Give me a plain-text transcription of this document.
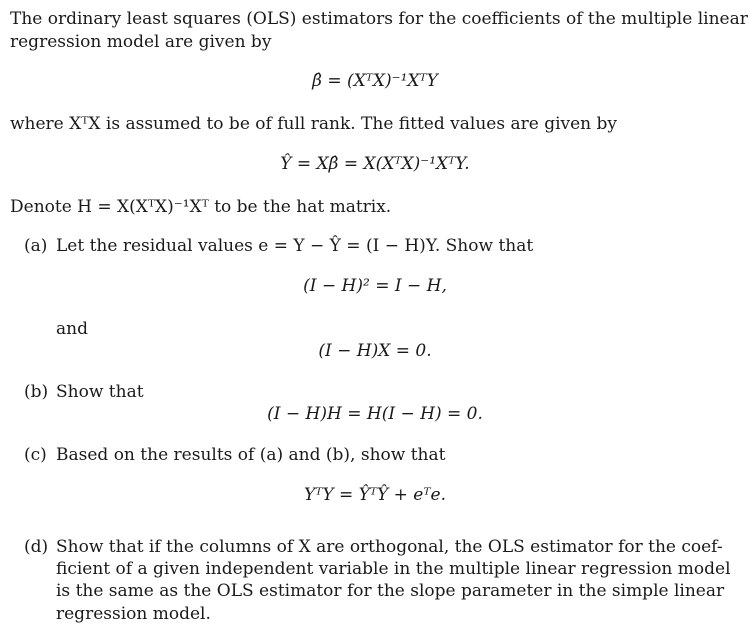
The ordinary least squares (OLS) estimators for the coefficients of the multiple linear
regression model are given by
β̂ = (XᵀX)⁻¹XᵀY
where XᵀX is assumed to be of full rank. The fitted values are given by
Ŷ = Xβ̂ = X(XᵀX)⁻¹XᵀY.
Denote H = X(XᵀX)⁻¹Xᵀ to be the hat matrix.
(a) Let the residual values e = Y − Ŷ = (I − H)Y. Show that
(I − H)² = I − H,
and
(I − H)X = 0.
(b) Show that
(I − H)H = H(I − H) = 0.
(c) Based on the results of (a) and (b), show that
YᵀY = ŶᵀŶ + eᵀe.
(d) Show that if the columns of X are orthogonal, the OLS estimator for the coef-
ficient of a given independent variable in the multiple linear regression model
is the same as the OLS estimator for the slope parameter in the simple linear
regression model.
